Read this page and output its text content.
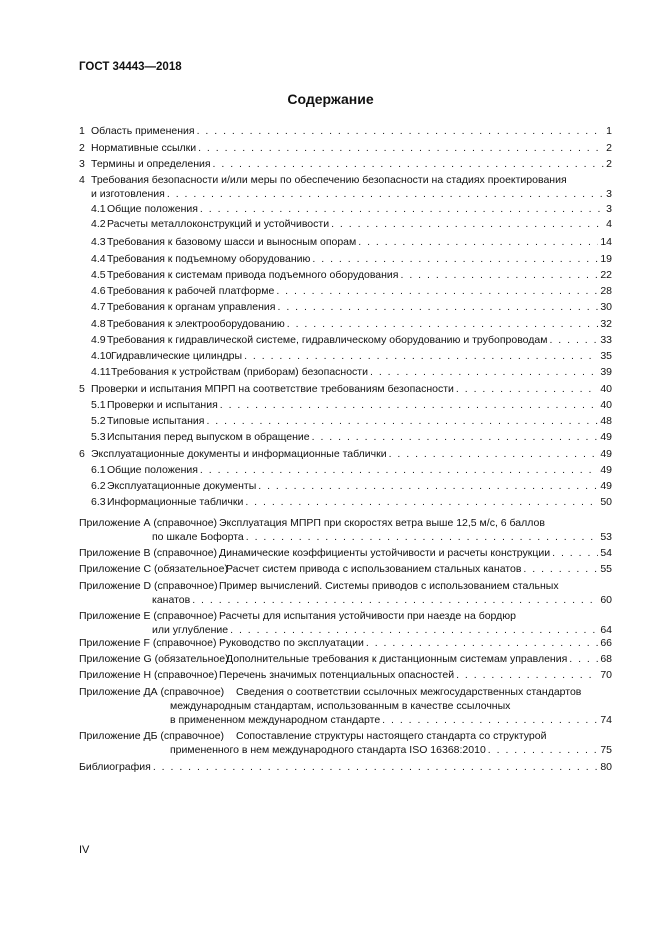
ГОСТ 34443—2018
Содержание
1 Область применения . . .	1
2 Нормативные ссылки . . .	2
3 Термины и определения . . .	2
4 Требования безопасности и/или меры по обеспечению безопасности на стадиях проектирования
и изготовления . . .	3
4.1 Общие положения . . .	3
4.2 Расчеты металлоконструкций и устойчивости . . .	4
4.3 Требования к базовому шасси и выносным опорам . . .	14
4.4 Требования к подъемному оборудованию . . .	19
4.5 Требования к системам привода подъемного оборудования . . .	22
4.6 Требования к рабочей платформе . . .	28
4.7 Требования к органам управления . . .	30
4.8 Требования к электрооборудованию . . .	32
4.9 Требования к гидравлической системе, гидравлическому оборудованию и трубопроводам . . .	33
4.10 Гидравлические цилиндры . . .	35
4.11 Требования к устройствам (приборам) безопасности . . .	39
5 Проверки и испытания МПРП на соответствие требованиям безопасности . . .	40
5.1 Проверки и испытания . . .	40
5.2 Типовые испытания . . .	48
5.3 Испытания перед выпуском в обращение . . .	49
6 Эксплуатационные документы и информационные таблички . . .	49
6.1 Общие положения . . .	49
6.2 Эксплуатационные документы . . .	49
6.3 Информационные таблички . . .	50
Приложение А (справочное) Эксплуатация МПРП при скоростях ветра выше 12,5 м/с, 6 баллов
по шкале Бофорта . . .	53
Приложение B (справочное) Динамические коэффициенты устойчивости и расчеты конструкции . . .	54
Приложение C (обязательное)
Расчет систем привода с использованием стальных канатов . . .	55
Приложение D (справочное) Пример вычислений. Системы приводов с использованием стальных
канатов . . .	60
Приложение E (справочное) Расчеты для испытания устойчивости при наезде на бордюр
или углубление . . .	64
Приложение F (справочное) Руководство по эксплуатации . . .	66
Приложение G (обязательное)
Дополнительные требования к дистанционным системам управления . . .	68
Приложение H (справочное) Перечень значимых потенциальных опасностей . . .	70
Приложение ДА (справочное) Сведения о соответствии ссылочных межгосударственных стандартов
международным стандартам, использованным в качестве ссылочных
в примененном международном стандарте . . .	74
Приложение ДБ (справочное) Сопоставление структуры настоящего стандарта со структурой
примененного в нем международного стандарта ISO 16368:2010 . . .	75
Библиография . . .	80
IV
